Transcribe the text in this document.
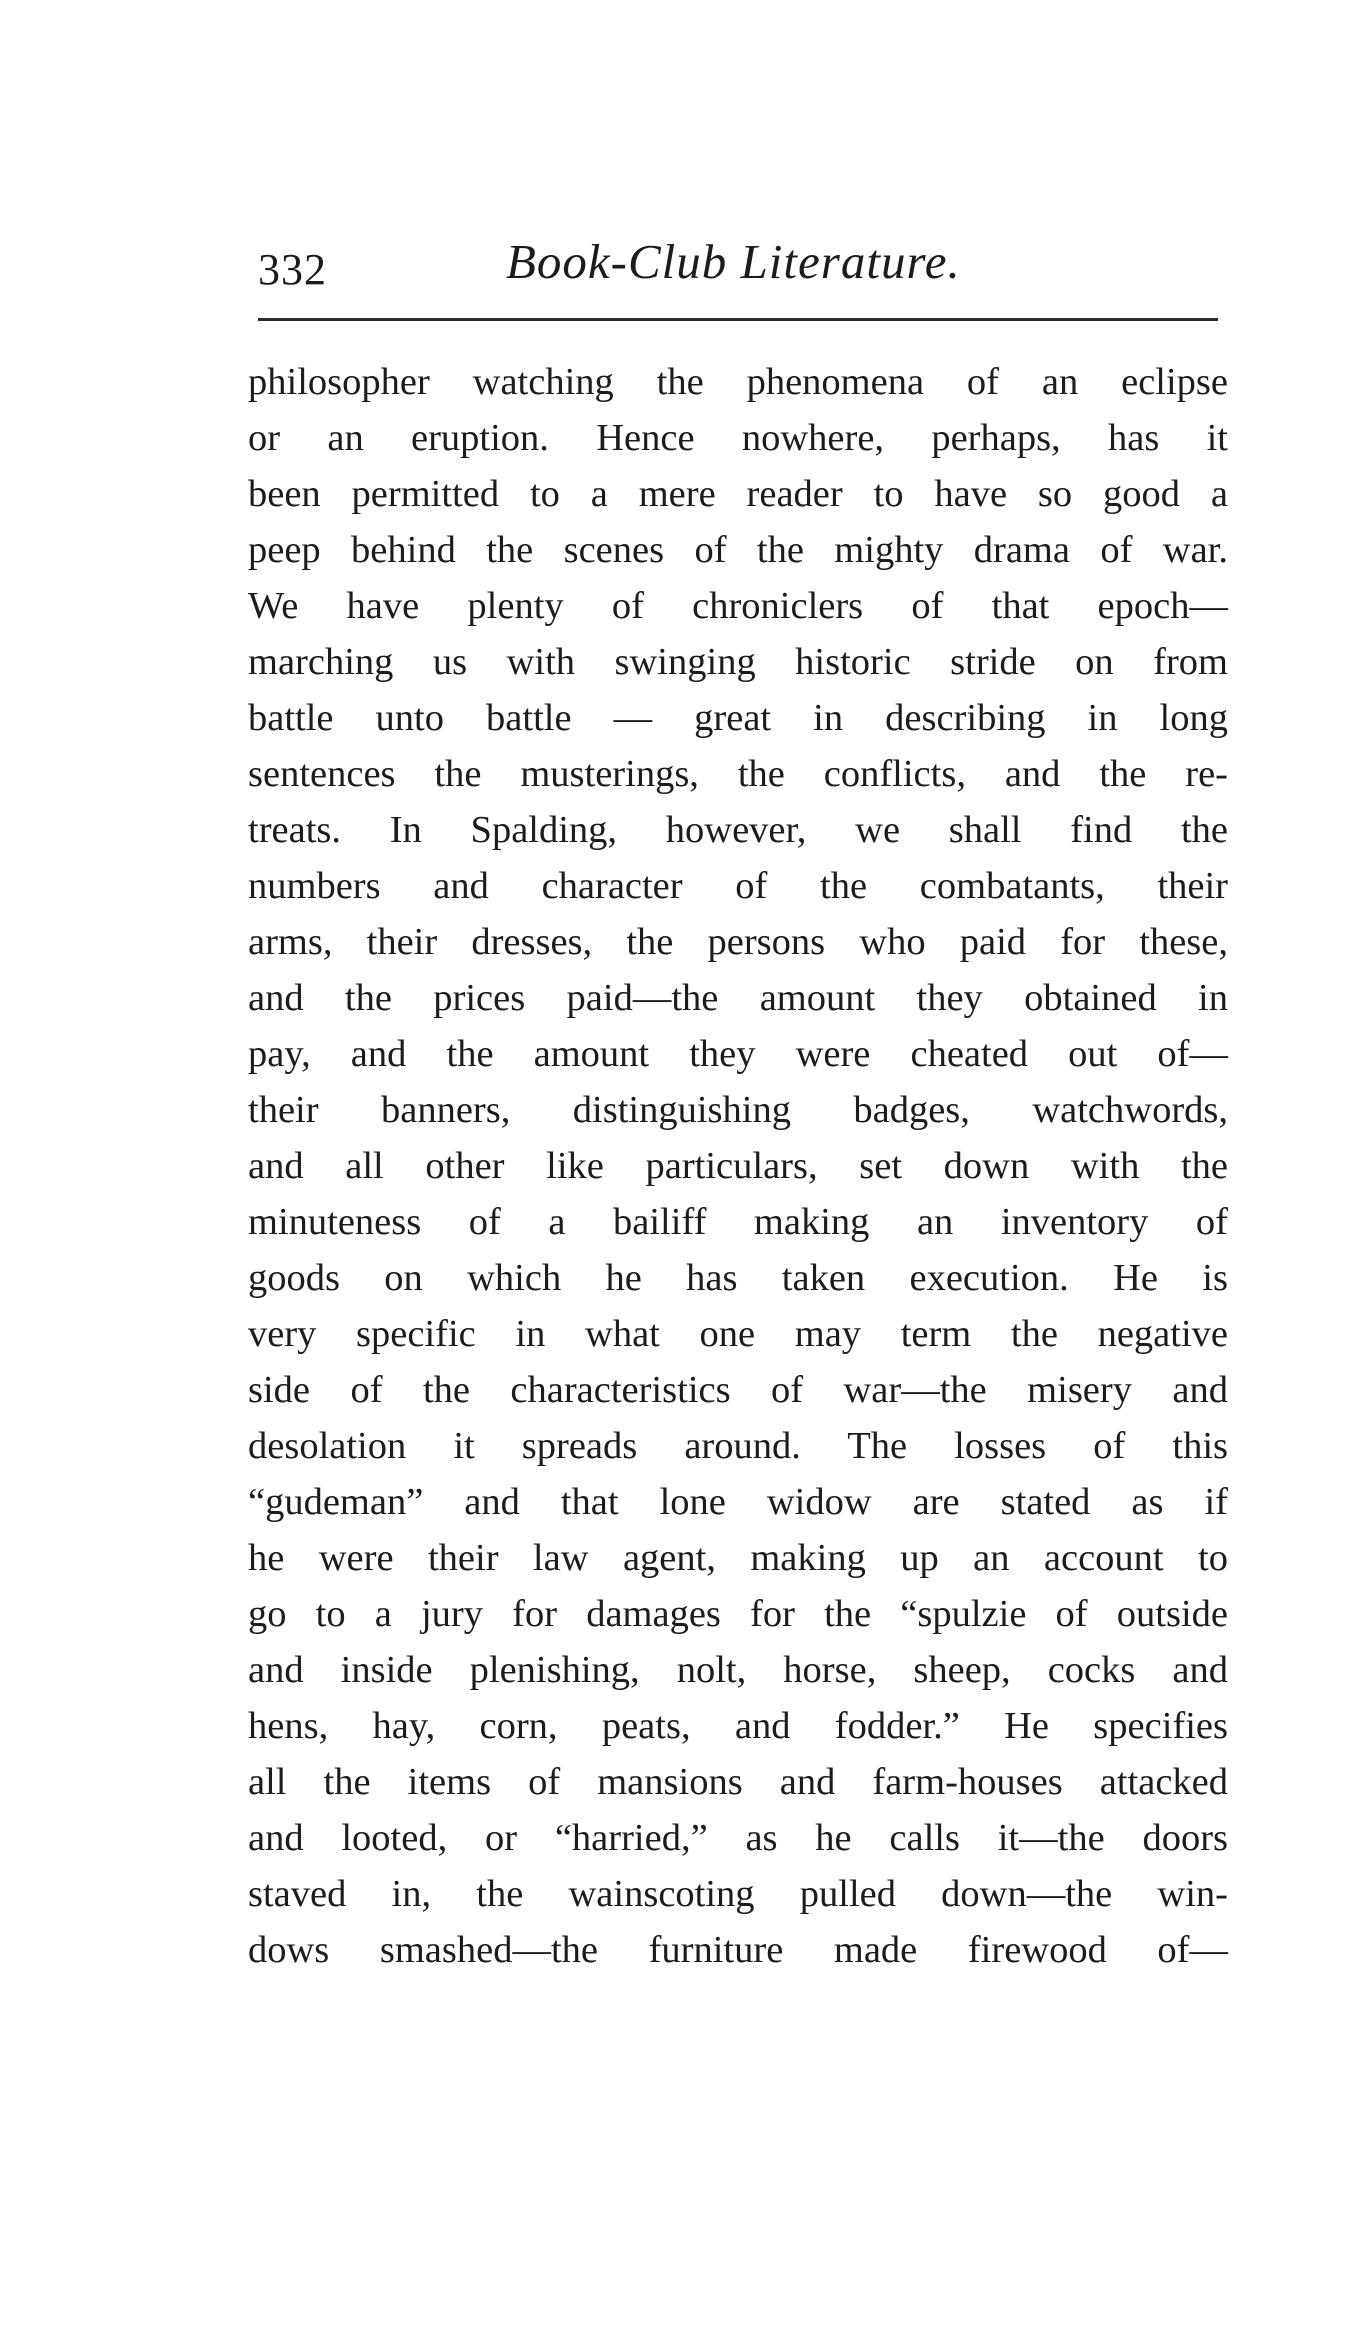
332	Book-Club Literature.
philosopher watching the phenomena of an eclipse
or an eruption. Hence nowhere, perhaps, has it
been permitted to a mere reader to have so good a
peep behind the scenes of the mighty drama of war.
We have plenty of chroniclers of that epoch—
marching us with swinging historic stride on from
battle unto battle — great in describing in long
sentences the musterings, the conflicts, and the re-
treats. In Spalding, however, we shall find the
numbers and character of the combatants, their
arms, their dresses, the persons who paid for these,
and the prices paid—the amount they obtained in
pay, and the amount they were cheated out of—
their banners, distinguishing badges, watchwords,
and all other like particulars, set down with the
minuteness of a bailiff making an inventory of
goods on which he has taken execution. He is
very specific in what one may term the negative
side of the characteristics of war—the misery and
desolation it spreads around. The losses of this
“gudeman” and that lone widow are stated as if
he were their law agent, making up an account to
go to a jury for damages for the “spulzie of outside
and inside plenishing, nolt, horse, sheep, cocks and
hens, hay, corn, peats, and fodder.” He specifies
all the items of mansions and farm-houses attacked
and looted, or “harried,” as he calls it—the doors
staved in, the wainscoting pulled down—the win-
dows smashed—the furniture made firewood of—
